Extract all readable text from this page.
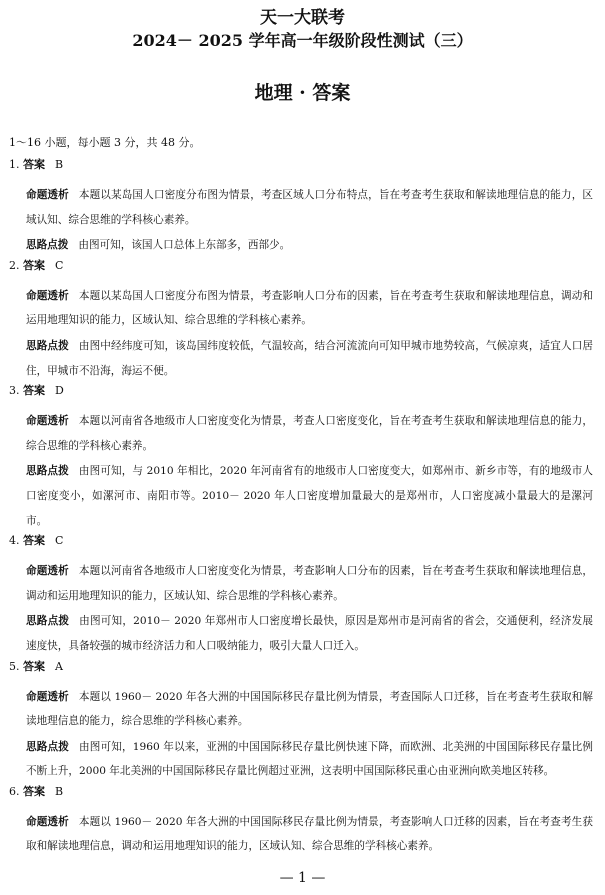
天一大联考
2024－ 2025 学年高一年级阶段性测试（三）
地理 · 答案
1～16 小题，每小题 3 分，共 48 分。

1. 答案 B

命题透析 本题以某岛国人口密度分布图为情景，考查区域人口分布特点，旨在考查考生获取和解读地理信息的能力，区域认知、综合思维的学科核心素养。

思路点拨 由图可知，该国人口总体上东部多，西部少。

2. 答案 C

命题透析 本题以某岛国人口密度分布图为情景，考查影响人口分布的因素，旨在考查考生获取和解读地理信息，调动和运用地理知识的能力，区域认知、综合思维的学科核心素养。

思路点拨 由图中经纬度可知，该岛国纬度较低，气温较高，结合河流流向可知甲城市地势较高，气候凉爽，适宜人口居住，甲城市不沿海，海运不便。

3. 答案 D

命题透析 本题以河南省各地级市人口密度变化为情景，考查人口密度变化，旨在考查考生获取和解读地理信息的能力，综合思维的学科核心素养。

思路点拨 由图可知，与 2010 年相比，2020 年河南省有的地级市人口密度变大，如郑州市、新乡市等，有的地级市人口密度变小，如漯河市、南阳市等。2010－ 2020 年人口密度增加量最大的是郑州市，人口密度减小量最大的是漯河市。

4. 答案 C

命题透析 本题以河南省各地级市人口密度变化为情景，考查影响人口分布的因素，旨在考查考生获取和解读地理信息，调动和运用地理知识的能力，区域认知、综合思维的学科核心素养。

思路点拨 由图可知，2010－ 2020 年郑州市人口密度增长最快，原因是郑州市是河南省的省会，交通便利，经济发展速度快，具备较强的城市经济活力和人口吸纳能力，吸引大量人口迁入。

5. 答案 A

命题透析 本题以 1960－ 2020 年各大洲的中国国际移民存量比例为情景，考查国际人口迁移，旨在考查考生获取和解读地理信息的能力，综合思维的学科核心素养。

思路点拨 由图可知，1960 年以来，亚洲的中国国际移民存量比例快速下降，而欧洲、北美洲的中国国际移民存量比例不断上升，2000 年北美洲的中国国际移民存量比例超过亚洲，这表明中国国际移民重心由亚洲向欧美地区转移。

6. 答案 B

命题透析 本题以 1960－ 2020 年各大洲的中国国际移民存量比例为情景，考查影响人口迁移的因素，旨在考查考生获取和解读地理信息，调动和运用地理知识的能力，区域认知、综合思维的学科核心素养。

— 1 —
